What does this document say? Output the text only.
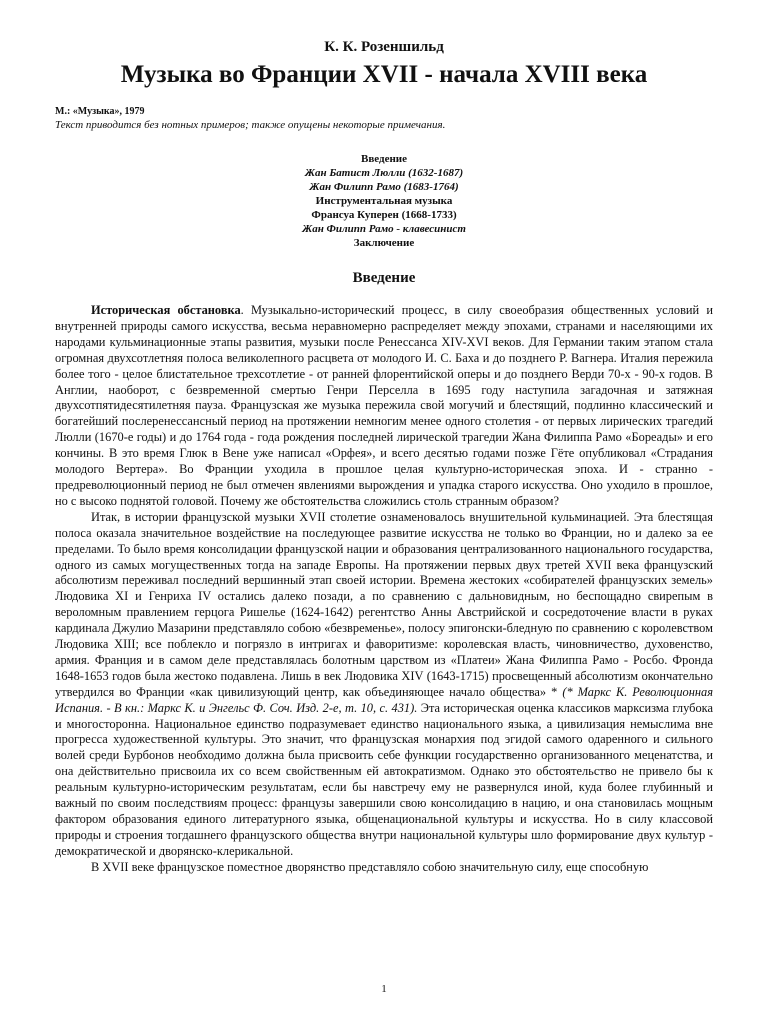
К. К. Розеншильд
Музыка во Франции XVII - начала XVIII века
М.: «Музыка», 1979
Текст приводится без нотных примеров; также опущены некоторые примечания.
Введение
Жан Батист Люлли (1632-1687)
Жан Филипп Рамо (1683-1764)
Инструментальная музыка
Франсуа Куперен (1668-1733)
Жан Филипп Рамо - клавесинист
Заключение
Введение

Историческая обстановка. Музыкально-исторический процесс, в силу своеобразия общественных условий и внутренней природы самого искусства, весьма неравномерно распределяет между эпохами, странами и населяющими их народами кульминационные этапы развития, музыки после Ренессанса XIV-XVI веков. Для Германии таким этапом стала огромная двухсотлетняя полоса великолепного расцвета от молодого И. С. Баха и до позднего Р. Вагнера. Италия пережила более того - целое блистательное трехсотлетие - от ранней флорентийской оперы и до позднего Верди 70-х - 90-х годов. В Англии, наоборот, с безвременной смертью Генри Перселла в 1695 году наступила загадочная и затяжная двухсотпятидесятилетняя пауза. Французская же музыка пережила свой могучий и блестящий, подлинно классический и богатейший послеренессансный период на протяжении немногим менее одного столетия - от первых лирических трагедий Люлли (1670-е годы) и до 1764 года - года рождения последней лирической трагедии Жана Филиппа Рамо «Бореады» и его кончины. В это время Глюк в Вене уже написал «Орфея», и всего десятью годами позже Гёте опубликовал «Страдания молодого Вертера». Во Франции уходила в прошлое целая культурно-историческая эпоха. И - странно - предреволюционный период не был отмечен явлениями вырождения и упадка старого искусства. Оно уходило в прошлое, но с высоко поднятой головой. Почему же обстоятельства сложились столь странным образом?

Итак, в истории французской музыки XVII столетие ознаменовалось внушительной кульминацией. Эта блестящая полоса оказала значительное воздействие на последующее развитие искусства не только во Франции, но и далеко за ее пределами. То было время консолидации французской нации и образования централизованного национального государства, одного из самых могущественных тогда на западе Европы. На протяжении первых двух третей XVII века французский абсолютизм переживал последний вершинный этап своей истории. Времена жестоких «собирателей французских земель» Людовика XI и Генриха IV остались далеко позади, а по сравнению с дальновидным, но беспощадно свирепым в вероломным правлением герцога Ришелье (1624-1642) регентство Анны Австрийской и сосредоточение власти в руках кардинала Джулио Мазарини представляло собою «безвременье», полосу эпигонски-бледную по сравнению с королевством Людовика XIII; все поблекло и погрязло в интригах и фаворитизме: королевская власть, чиновничество, духовенство, армия. Франция и в самом деле представлялась болотным царством из «Платеи» Жана Филиппа Рамо - Росбо. Фронда 1648-1653 годов была жестоко подавлена. Лишь в век Людовика XIV (1643-1715) просвещенный абсолютизм окончательно утвердился во Франции «как цивилизующий центр, как объединяющее начало общества» * (* Маркс К. Революционная Испания. - В кн.: Маркс К. и Энгельс Ф. Соч. Изд. 2-е, т. 10, с. 431). Эта историческая оценка классиков марксизма глубока и многосторонна. Национальное единство подразумевает единство национального языка, а цивилизация немыслима вне прогресса художественной культуры. Это значит, что французская монархия под эгидой самого одаренного и сильного волей среди Бурбонов необходимо должна была присвоить себе функции государственно организованного меценатства, и она действительно присвоила их со всем свойственным ей автократизмом. Однако это обстоятельство не привело бы к реальным культурно-историческим результатам, если бы навстречу ему не развернулся иной, куда более глубинный и важный по своим последствиям процесс: французы завершили свою консолидацию в нацию, и она становилась мощным фактором образования единого литературного языка, общенациональной культуры и искусства. Но в силу классовой природы и строения тогдашнего французского общества внутри национальной культуры шло формирование двух культур - демократической и дворянско-клерикальной.

В XVII веке французское поместное дворянство представляло собою значительную силу, еще способную

1
